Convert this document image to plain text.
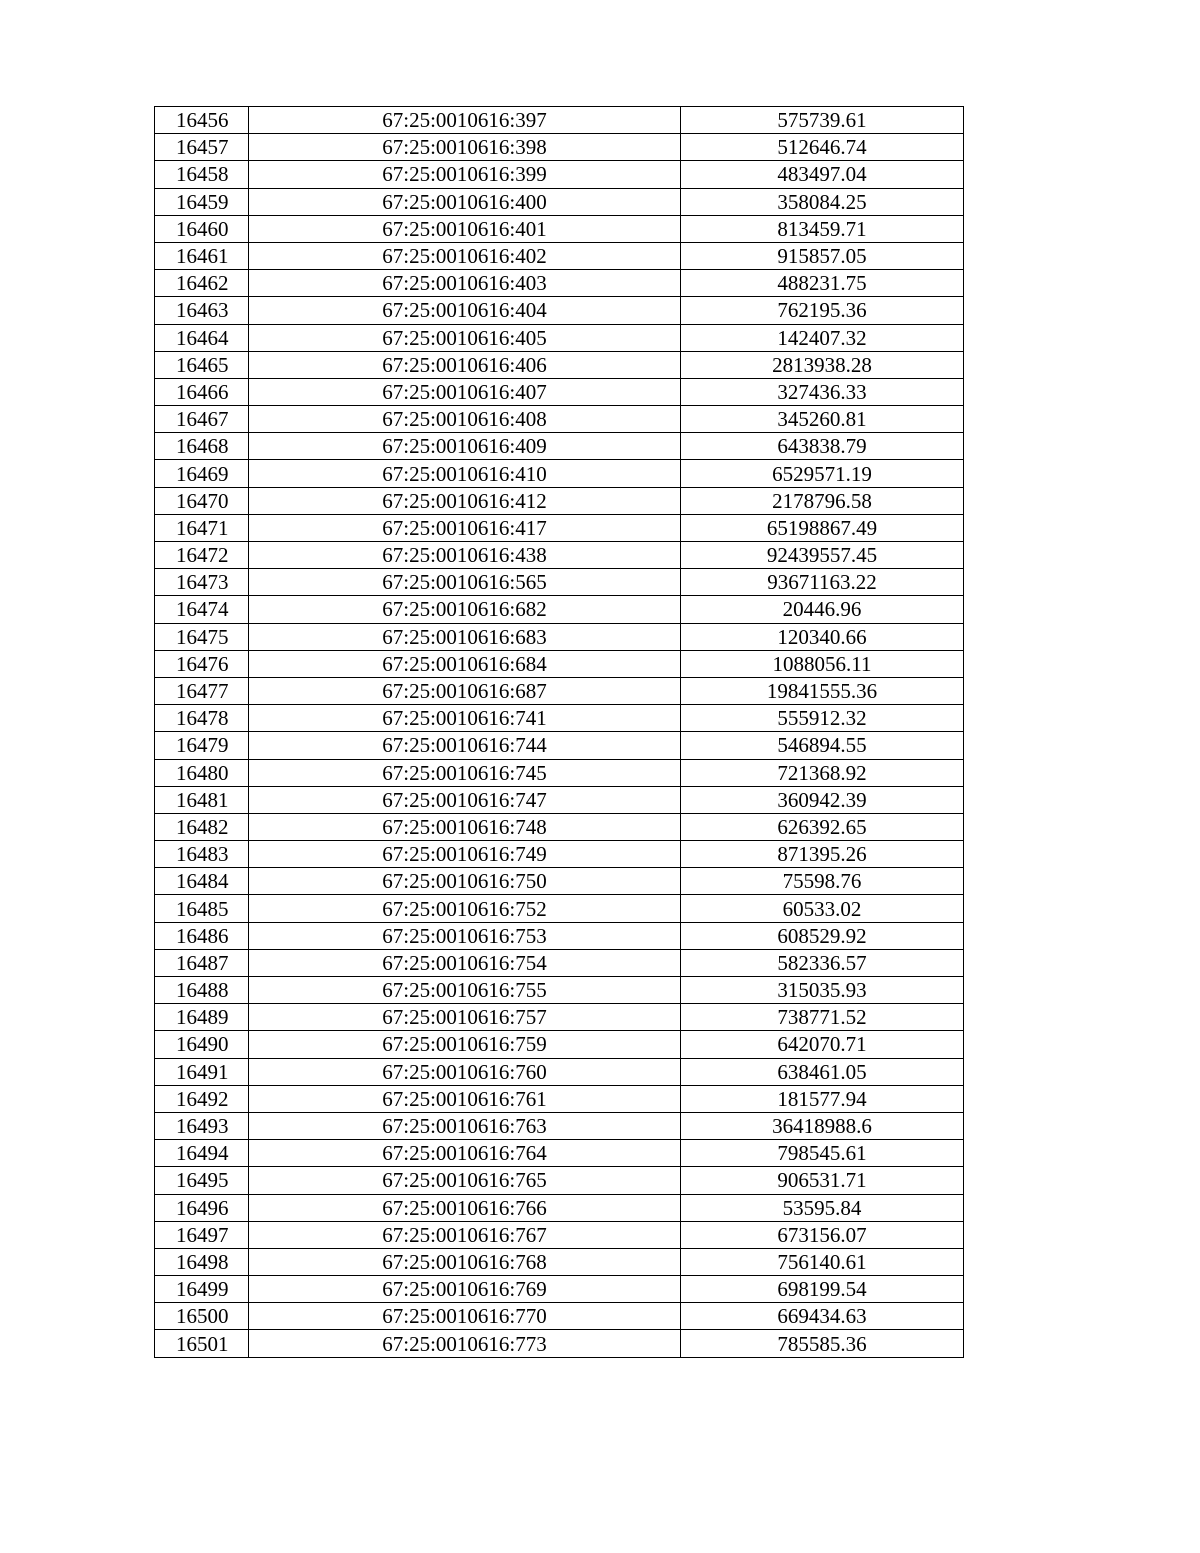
16456	67:25:0010616:397	575739.61
16457	67:25:0010616:398	512646.74
16458	67:25:0010616:399	483497.04
16459	67:25:0010616:400	358084.25
16460	67:25:0010616:401	813459.71
16461	67:25:0010616:402	915857.05
16462	67:25:0010616:403	488231.75
16463	67:25:0010616:404	762195.36
16464	67:25:0010616:405	142407.32
16465	67:25:0010616:406	2813938.28
16466	67:25:0010616:407	327436.33
16467	67:25:0010616:408	345260.81
16468	67:25:0010616:409	643838.79
16469	67:25:0010616:410	6529571.19
16470	67:25:0010616:412	2178796.58
16471	67:25:0010616:417	65198867.49
16472	67:25:0010616:438	92439557.45
16473	67:25:0010616:565	93671163.22
16474	67:25:0010616:682	20446.96
16475	67:25:0010616:683	120340.66
16476	67:25:0010616:684	1088056.11
16477	67:25:0010616:687	19841555.36
16478	67:25:0010616:741	555912.32
16479	67:25:0010616:744	546894.55
16480	67:25:0010616:745	721368.92
16481	67:25:0010616:747	360942.39
16482	67:25:0010616:748	626392.65
16483	67:25:0010616:749	871395.26
16484	67:25:0010616:750	75598.76
16485	67:25:0010616:752	60533.02
16486	67:25:0010616:753	608529.92
16487	67:25:0010616:754	582336.57
16488	67:25:0010616:755	315035.93
16489	67:25:0010616:757	738771.52
16490	67:25:0010616:759	642070.71
16491	67:25:0010616:760	638461.05
16492	67:25:0010616:761	181577.94
16493	67:25:0010616:763	36418988.6
16494	67:25:0010616:764	798545.61
16495	67:25:0010616:765	906531.71
16496	67:25:0010616:766	53595.84
16497	67:25:0010616:767	673156.07
16498	67:25:0010616:768	756140.61
16499	67:25:0010616:769	698199.54
16500	67:25:0010616:770	669434.63
16501	67:25:0010616:773	785585.36
